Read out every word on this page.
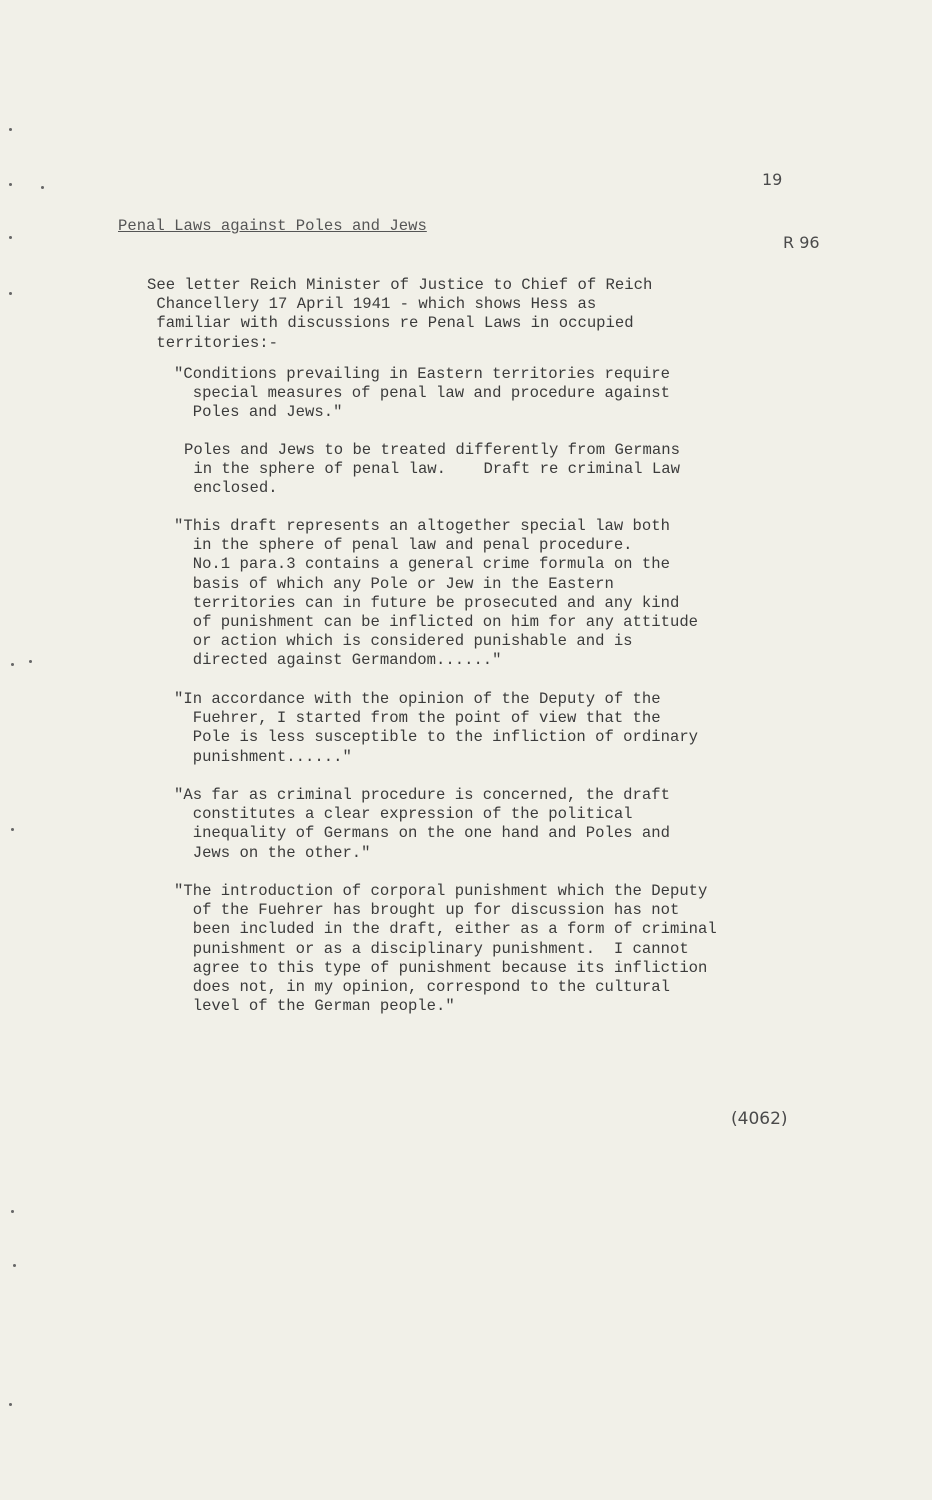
19
R 96
Penal Laws against Poles and Jews
See letter Reich Minister of Justice to Chief of Reich
Chancellery 17 April 1941 - which shows Hess as
familiar with discussions re Penal Laws in occupied
territories:-
"Conditions prevailing in Eastern territories require
special measures of penal law and procedure against
Poles and Jews."
Poles and Jews to be treated differently from Germans
in the sphere of penal law.    Draft re criminal Law
enclosed.
"This draft represents an altogether special law both
in the sphere of penal law and penal procedure.
No.1 para.3 contains a general crime formula on the
basis of which any Pole or Jew in the Eastern
territories can in future be prosecuted and any kind
of punishment can be inflicted on him for any attitude
or action which is considered punishable and is
directed against Germandom......"
"In accordance with the opinion of the Deputy of the
Fuehrer, I started from the point of view that the
Pole is less susceptible to the infliction of ordinary
punishment......"
"As far as criminal procedure is concerned, the draft
constitutes a clear expression of the political
inequality of Germans on the one hand and Poles and
Jews on the other."
"The introduction of corporal punishment which the Deputy
of the Fuehrer has brought up for discussion has not
been included in the draft, either as a form of criminal
punishment or as a disciplinary punishment.  I cannot
agree to this type of punishment because its infliction
does not, in my opinion, correspond to the cultural
level of the German people."
(4062)
